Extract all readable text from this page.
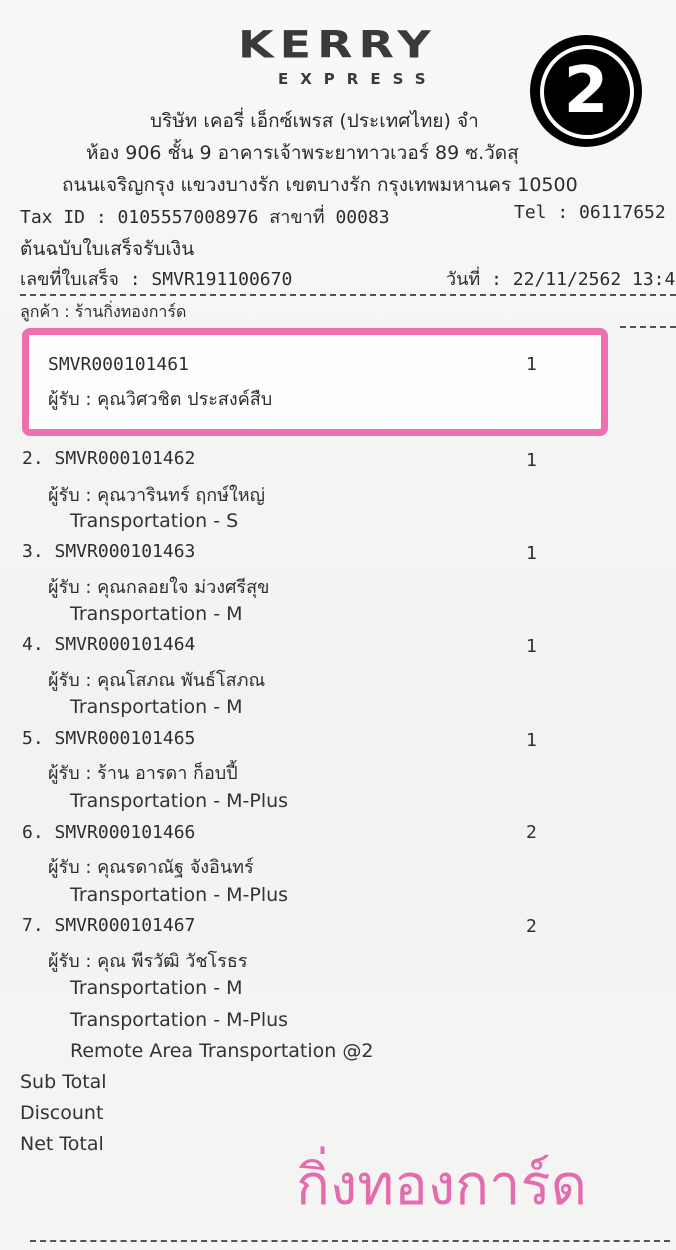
KERRY
EXPRESS	2
บริษัท เคอรี่ เอ็กซ์เพรส (ประเทศไทย) จำ
ห้อง 906 ชั้น 9 อาคารเจ้าพระยาทาวเวอร์ 89 ซ.วัดสุ
ถนนเจริญกรุง แขวงบางรัก เขตบางรัก กรุงเทพมหานคร 10500
Tax ID : 0105557008976 สาขาที่ 00083	Tel : 06117652
ต้นฉบับใบเสร็จรับเงิน
เลขที่ใบเสร็จ : SMVR191100670	วันที่ : 22/11/2562 13:4
ลูกค้า : ร้านกิ่งทองการ์ด
SMVR000101461	1
ผู้รับ : คุณวิศวชิต ประสงค์สืบ
2. SMVR000101462	1
ผู้รับ : คุณวารินทร์ ฤกษ์ใหญ่
Transportation - S
3. SMVR000101463	1
ผู้รับ : คุณกลอยใจ ม่วงศรีสุข
Transportation - M
4. SMVR000101464	1
ผู้รับ : คุณโสภณ พันธ์โสภณ
Transportation - M
5. SMVR000101465	1
ผู้รับ : ร้าน อารดา ก็อบปี้
Transportation - M-Plus
6. SMVR000101466	2
ผู้รับ : คุณรดาณัฐ จังอินทร์
Transportation - M-Plus
7. SMVR000101467	2
ผู้รับ : คุณ พีรวัฒิ วัชโรธร
Transportation - M
Transportation - M-Plus
Remote Area Transportation @2
Sub Total
Discount
Net Total
กิ่งทองการ์ด
